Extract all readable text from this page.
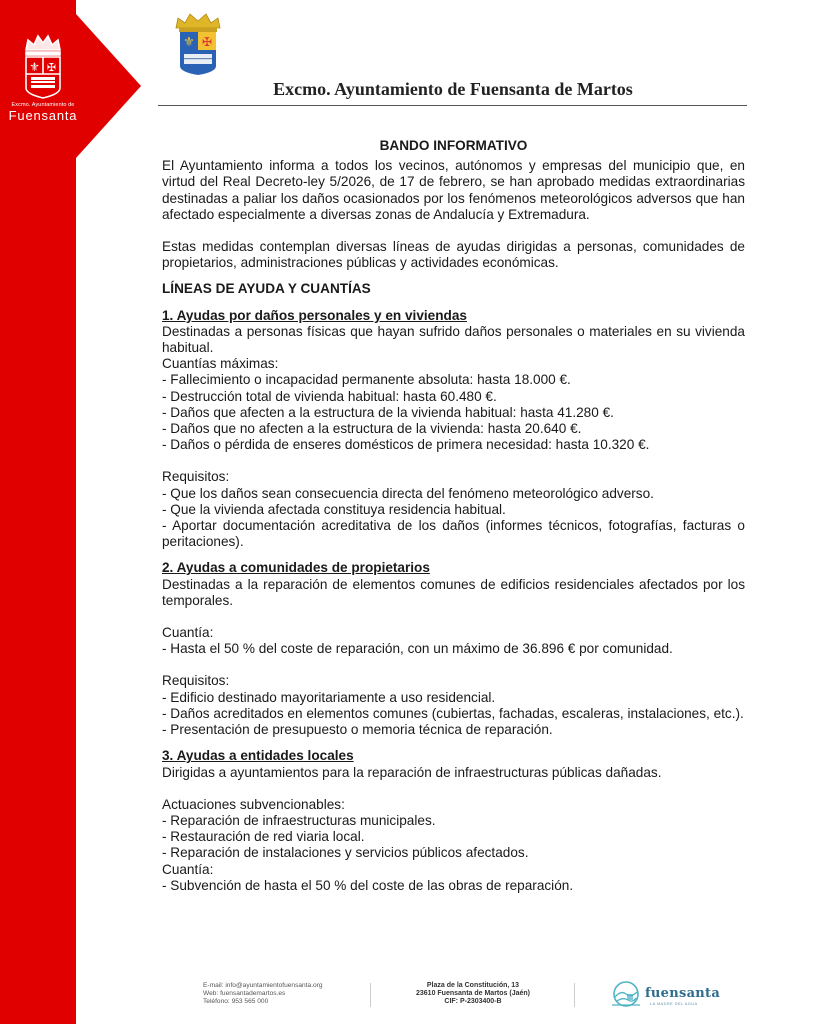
⚜ ✠
Excmo. Ayuntamiento de
Fuensanta
⚜ ✠
Excmo. Ayuntamiento de Fuensanta de Martos

BANDO INFORMATIVO

El Ayuntamiento informa a todos los vecinos, autónomos y empresas del municipio que, en virtud del Real Decreto-ley 5/2026, de 17 de febrero, se han aprobado medidas extraordinarias destinadas a paliar los daños ocasionados por los fenómenos meteorológicos adversos que han afectado especialmente a diversas zonas de Andalucía y Extremadura.

Estas medidas contemplan diversas líneas de ayudas dirigidas a personas, comunidades de propietarios, administraciones públicas y actividades económicas.

LÍNEAS DE AYUDA Y CUANTÍAS

1. Ayudas por daños personales y en viviendas

Destinadas a personas físicas que hayan sufrido daños personales o materiales en su vivienda habitual.

Cuantías máximas:

- Fallecimiento o incapacidad permanente absoluta: hasta 18.000 €.

- Destrucción total de vivienda habitual: hasta 60.480 €.

- Daños que afecten a la estructura de la vivienda habitual: hasta 41.280 €.

- Daños que no afecten a la estructura de la vivienda: hasta 20.640 €.

- Daños o pérdida de enseres domésticos de primera necesidad: hasta 10.320 €.

Requisitos:

- Que los daños sean consecuencia directa del fenómeno meteorológico adverso.

- Que la vivienda afectada constituya residencia habitual.

- Aportar documentación acreditativa de los daños (informes técnicos, fotografías, facturas o peritaciones).

2. Ayudas a comunidades de propietarios

Destinadas a la reparación de elementos comunes de edificios residenciales afectados por los temporales.

Cuantía:

- Hasta el 50 % del coste de reparación, con un máximo de 36.896 € por comunidad.

Requisitos:

- Edificio destinado mayoritariamente a uso residencial.

- Daños acreditados en elementos comunes (cubiertas, fachadas, escaleras, instalaciones, etc.).

- Presentación de presupuesto o memoria técnica de reparación.

3. Ayudas a entidades locales

Dirigidas a ayuntamientos para la reparación de infraestructuras públicas dañadas.

Actuaciones subvencionables:

- Reparación de infraestructuras municipales.

- Restauración de red viaria local.

- Reparación de instalaciones y servicios públicos afectados.

Cuantía:

- Subvención de hasta el 50 % del coste de las obras de reparación.

E-mail: info@ayuntamientofuensanta.org
Web: fuensantademartos.es
Teléfono: 953 565 000
Plaza de la Constitución, 13
23610 Fuensanta de Martos (Jaén)
CIF: P-2303400-B
fuensanta
LA MADRE DEL AGUA
